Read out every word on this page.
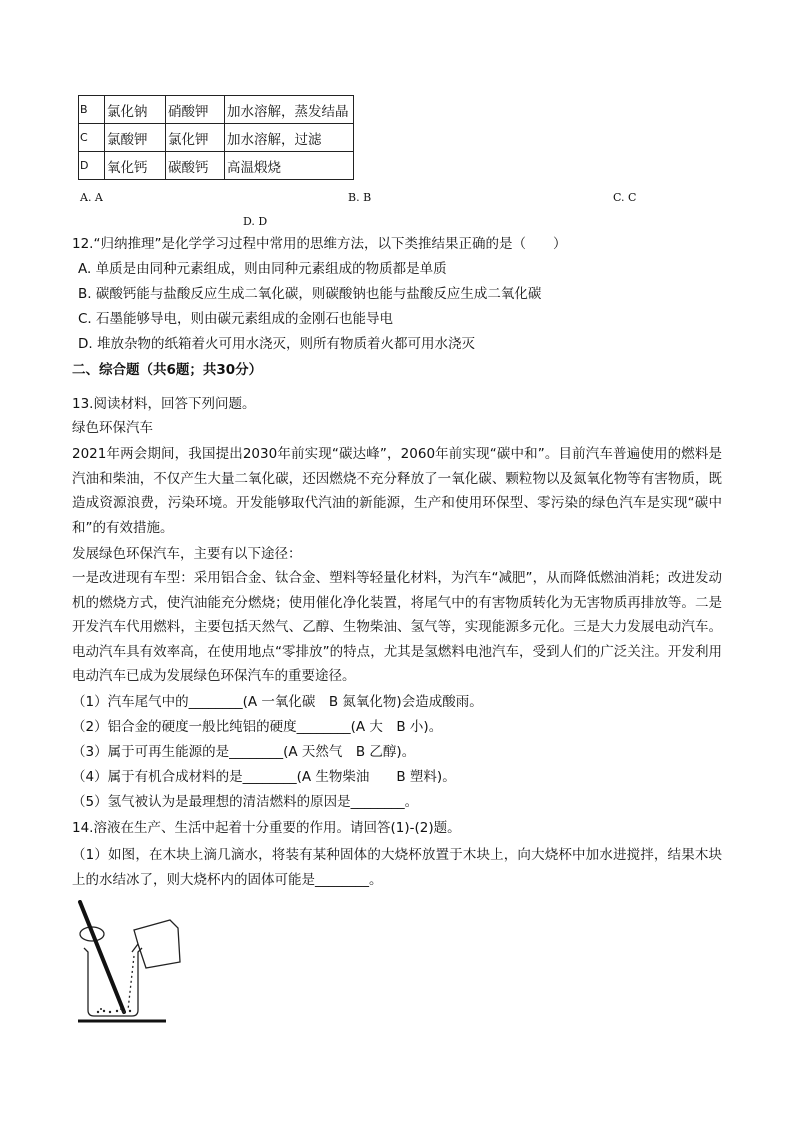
B	氯化钠	硝酸钾	加水溶解，蒸发结晶
C	氯酸钾	氯化钾	加水溶解，过滤
D	氧化钙	碳酸钙	高温煅烧
A. A	B. B	C. C
D. D
12.“归纳推理”是化学学习过程中常用的思维方法，以下类推结果正确的是（　　）
A. 单质是由同种元素组成，则由同种元素组成的物质都是单质
B. 碳酸钙能与盐酸反应生成二氧化碳，则碳酸钠也能与盐酸反应生成二氧化碳
C. 石墨能够导电，则由碳元素组成的金刚石也能导电
D. 堆放杂物的纸箱着火可用水浇灭，则所有物质着火都可用水浇灭
二、综合题（共6题；共30分）
13.阅读材料，回答下列问题。
绿色环保汽车
2021年两会期间，我国提出2030年前实现“碳达峰”，2060年前实现“碳中和”。目前汽车普遍使用的燃料是汽油和柴油，不仅产生大量二氧化碳，还因燃烧不充分释放了一氧化碳、颗粒物以及氮氧化物等有害物质，既造成资源浪费，污染环境。开发能够取代汽油的新能源，生产和使用环保型、零污染的绿色汽车是实现“碳中和”的有效措施。
发展绿色环保汽车，主要有以下途径：
一是改进现有车型：采用铝合金、钛合金、塑料等轻量化材料，为汽车“减肥”，从而降低燃油消耗；改进发动机的燃烧方式，使汽油能充分燃烧；使用催化净化装置，将尾气中的有害物质转化为无害物质再排放等。二是开发汽车代用燃料，主要包括天然气、乙醇、生物柴油、氢气等，实现能源多元化。三是大力发展电动汽车。电动汽车具有效率高，在使用地点“零排放”的特点，尤其是氢燃料电池汽车，受到人们的广泛关注。开发利用电动汽车已成为发展绿色环保汽车的重要途径。
（1）汽车尾气中的________(A 一氧化碳　B 氮氧化物)会造成酸雨。
（2）铝合金的硬度一般比纯铝的硬度________(A 大　B 小)。
（3）属于可再生能源的是________(A 天然气　B 乙醇)。
（4）属于有机合成材料的是________(A 生物柴油　　B 塑料)。
（5）氢气被认为是最理想的清洁燃料的原因是________。
14.溶液在生产、生活中起着十分重要的作用。请回答(1)-(2)题。
（1）如图，在木块上滴几滴水，将装有某种固体的大烧杯放置于木块上，向大烧杯中加水进搅拌，结果木块上的水结冰了，则大烧杯内的固体可能是________。
